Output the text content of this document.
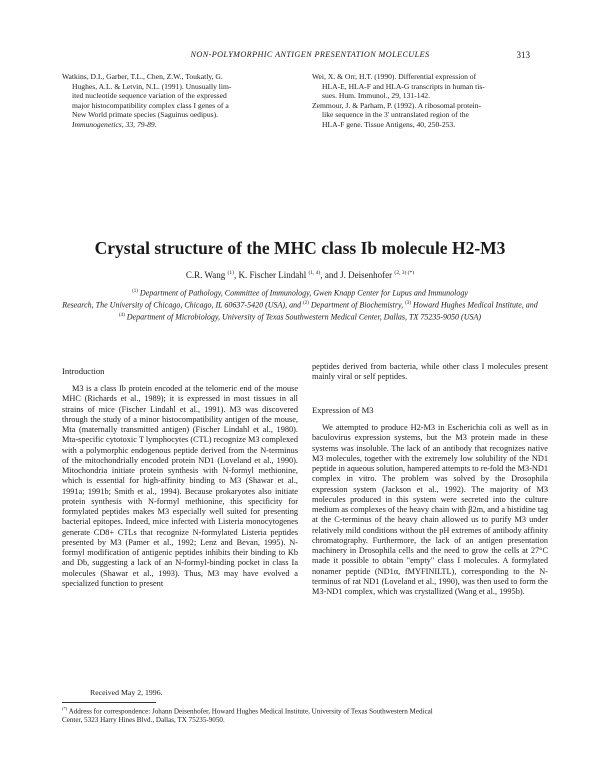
NON-POLYMORPHIC ANTIGEN PRESENTATION MOLECULES	313

Watkins, D.I., Garber, T.L., Chen, Z.W., Toukatly, G.

Hughes, A.L. & Letvin, N.L. (1991). Unusually lim-

ited nucleotide sequence variation of the expressed

major histocompatibility complex class I genes of a

New World primate species (Saguinus oedipus).

Immunogenetics, 33, 79-89.

Wei, X. & Orr, H.T. (1990). Differential expression of

HLA-E, HLA-F and HLA-G transcripts in human tis-

sues. Hum. Immunol., 29, 131-142.

Zemmour, J. & Parham, P. (1992). A ribosomal protein-

like sequence in the 3' untranslated region of the

HLA-F gene. Tissue Antigens, 40, 250-253.

Crystal structure of the MHC class Ib molecule H2-M3
C.R. Wang $^{(1)}$, K. Fischer Lindahl $^{(1, 4)}$, and J. Deisenhofer $^{(2, 3) (*)}$
$^{(1)}$ Department of Pathology, Committee of Immunology, Gwen Knapp Center for Lupus and Immunology
Research, The University of Chicago, Chicago, IL 60637-5420 (USA), and $^{(2)}$ Department of Biochemistry, $^{(3)}$ Howard Hughes Medical Institute, and
$^{(4)}$ Department of Microbiology, University of Texas Southwestern Medical Center, Dallas, TX 75235-9050 (USA)
Introduction

M3 is a class Ib protein encoded at the telomeric end of the mouse MHC (Richards et al., 1989); it is expressed in most tissues in all strains of mice (Fischer Lindahl et al., 1991). M3 was discovered through the study of a minor histocompatibility antigen of the mouse, Mta (maternally transmitted antigen) (Fischer Lindahl et al., 1980). Mta-specific cytotoxic T lymphocytes (CTL) recognize M3 complexed with a polymorphic endogenous peptide derived from the N-terminus of the mitochondrially encoded protein ND1 (Loveland et al., 1990). Mitochondria initiate protein synthesis with N-formyl methionine, which is essential for high-affinity binding to M3 (Shawar et al., 1991a; 1991b; Smith et al., 1994). Because prokaryotes also initiate protein synthesis with N-formyl methionine, this specificity for formylated peptides makes M3 especially well suited for presenting bacterial epitopes. Indeed, mice infected with Listeria monocytogenes generate CD8+ CTLs that recognize N-formylated Listeria peptides presented by M3 (Pamer et al., 1992; Lenz and Bevan, 1995). N-formyl modification of antigenic peptides inhibits their binding to Kb and Db, suggesting a lack of an N-formyl-binding pocket in class Ia molecules (Shawar et al., 1993). Thus, M3 may have evolved a specialized function to present

peptides derived from bacteria, while other class I molecules present mainly viral or self peptides.

Expression of M3

We attempted to produce H2-M3 in Escherichia coli as well as in baculovirus expression systems, but the M3 protein made in these systems was insoluble. The lack of an antibody that recognizes native M3 molecules, together with the extremely low solubility of the ND1 peptide in aqueous solution, hampered attempts to re-fold the M3-ND1 complex in vitro. The problem was solved by the Drosophila expression system (Jackson et al., 1992). The majority of M3 molecules produced in this system were secreted into the culture medium as complexes of the heavy chain with β2m, and a histidine tag at the C-terminus of the heavy chain allowed us to purify M3 under relatively mild conditions without the pH extremes of antibody affinity chromatography. Furthermore, the lack of an antigen presentation machinery in Drosophila cells and the need to grow the cells at 27°C made it possible to obtain "empty" class I molecules. A formylated nonamer peptide (ND1α, fMYFINILTL), corresponding to the N-terminus of rat ND1 (Loveland et al., 1990), was then used to form the M3-ND1 complex, which was crystallized (Wang et al., 1995b).

Received May 2, 1996.

(*) Address for correspondence: Johann Deisenhofer, Howard Hughes Medical Institute, University of Texas Southwestern Medical

Center, 5323 Harry Hines Blvd., Dallas, TX 75235-9050.
